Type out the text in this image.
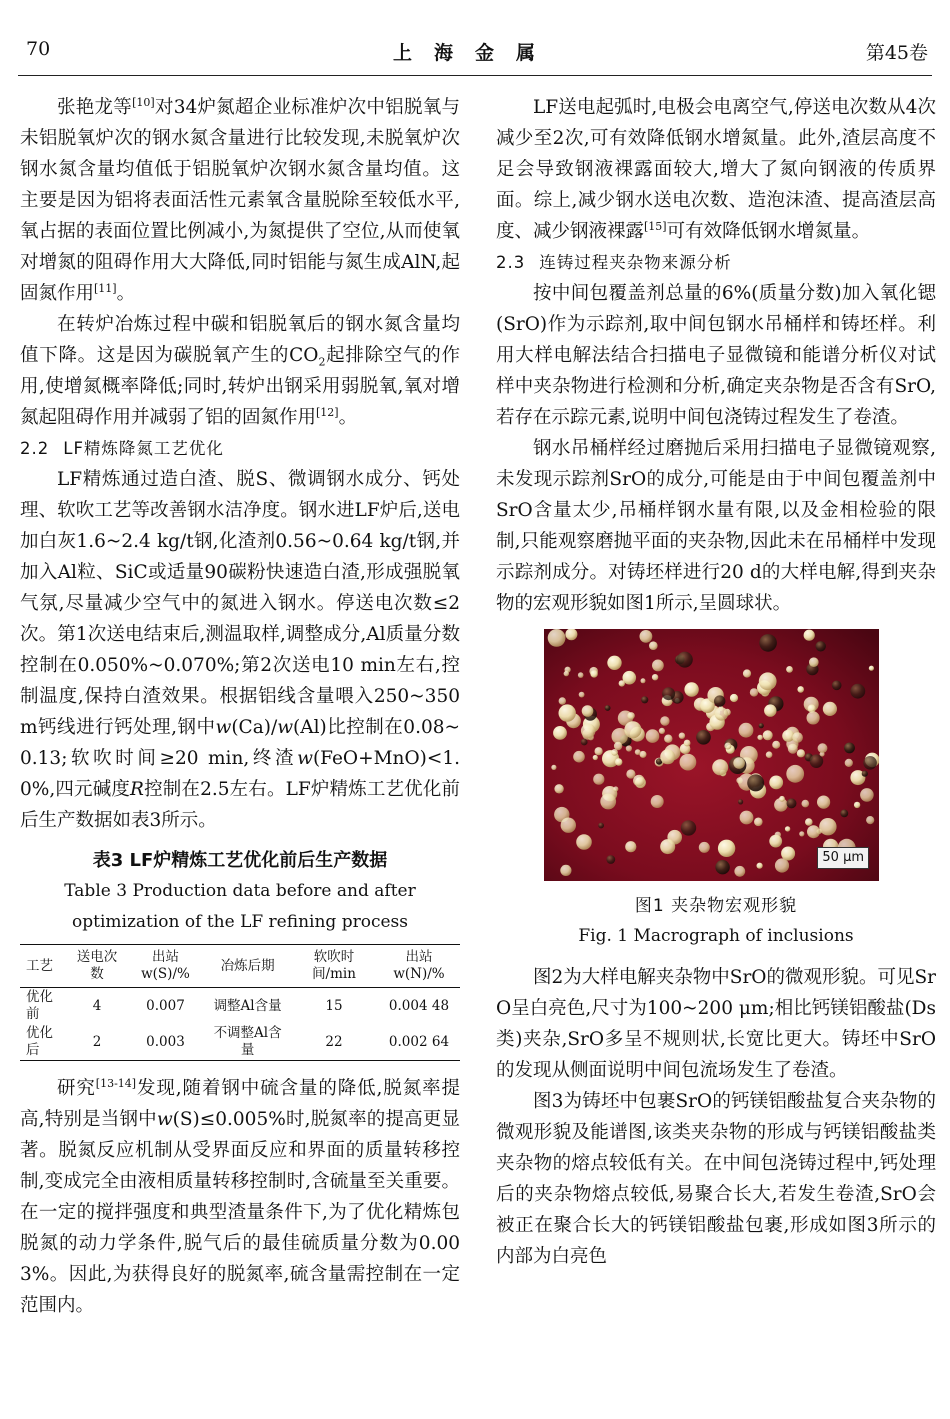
70	上海金属	第45卷

张艳龙等[10]对34炉氮超企业标准炉次中铝脱氧与未铝脱氧炉次的钢水氮含量进行比较发现,未脱氧炉次钢水氮含量均值低于铝脱氧炉次钢水氮含量均值。这主要是因为铝将表面活性元素氧含量脱除至较低水平,氧占据的表面位置比例减小,为氮提供了空位,从而使氧对增氮的阻碍作用大大降低,同时铝能与氮生成AlN,起固氮作用[11]。

在转炉冶炼过程中碳和铝脱氧后的钢水氮含量均值下降。这是因为碳脱氧产生的$CO_2$起排除空气的作用,使增氮概率降低;同时,转炉出钢采用弱脱氧,氧对增氮起阻碍作用并减弱了铝的固氮作用[12]。

2.2 LF精炼降氮工艺优化

LF精炼通过造白渣、脱S、微调钢水成分、钙处理、软吹工艺等改善钢水洁净度。钢水进LF炉后,送电加白灰1.6~2.4 kg/t钢,化渣剂0.56~0.64 kg/t钢,并加入Al粒、SiC或适量90碳粉快速造白渣,形成强脱氧气氛,尽量减少空气中的氮进入钢水。停送电次数≤2次。第1次送电结束后,测温取样,调整成分,Al质量分数控制在0.050%~0.070%;第2次送电10 min左右,控制温度,保持白渣效果。根据铝线含量喂入250~350 m钙线进行钙处理,钢中w(Ca)/w(Al)比控制在0.08~0.13;软吹时间≥20 min,终渣w(FeO+MnO)<1.0%,四元碱度R控制在2.5左右。LF炉精炼工艺优化前后生产数据如表3所示。

表3 LF炉精炼工艺优化前后生产数据
Table 3 Production data before and after
optimization of the LF refining process
工艺	送电次数	出站w(S)/%	冶炼后期	软吹时间/min	出站w(N)/%
优化前	4	0.007	调整Al含量	15	0.004 48
优化后	2	0.003	不调整Al含量	22	0.002 64

研究[13-14]发现,随着钢中硫含量的降低,脱氮率提高,特别是当钢中w(S)≤0.005%时,脱氮率的提高更显著。脱氮反应机制从受界面反应和界面的质量转移控制,变成完全由液相质量转移控制时,含硫量至关重要。在一定的搅拌强度和典型渣量条件下,为了优化精炼包脱氮的动力学条件,脱气后的最佳硫质量分数为0.003%。因此,为获得良好的脱氮率,硫含量需控制在一定范围内。

LF送电起弧时,电极会电离空气,停送电次数从4次减少至2次,可有效降低钢水增氮量。此外,渣层高度不足会导致钢液裸露面较大,增大了氮向钢液的传质界面。综上,减少钢水送电次数、造泡沫渣、提高渣层高度、减少钢液裸露[15]可有效降低钢水增氮量。

2.3 连铸过程夹杂物来源分析

按中间包覆盖剂总量的6%(质量分数)加入氧化锶(SrO)作为示踪剂,取中间包钢水吊桶样和铸坯样。利用大样电解法结合扫描电子显微镜和能谱分析仪对试样中夹杂物进行检测和分析,确定夹杂物是否含有SrO,若存在示踪元素,说明中间包浇铸过程发生了卷渣。

钢水吊桶样经过磨抛后采用扫描电子显微镜观察,未发现示踪剂SrO的成分,可能是由于中间包覆盖剂中SrO含量太少,吊桶样钢水量有限,以及金相检验的限制,只能观察磨抛平面的夹杂物,因此未在吊桶样中发现示踪剂成分。对铸坯样进行20 d的大样电解,得到夹杂物的宏观形貌如图1所示,呈圆球状。

50 μm
图1 夹杂物宏观形貌
Fig. 1 Macrograph of inclusions

图2为大样电解夹杂物中SrO的微观形貌。可见SrO呈白亮色,尺寸为100~200 μm;相比钙镁铝酸盐(Ds类)夹杂,SrO多呈不规则状,长宽比更大。铸坯中SrO的发现从侧面说明中间包流场发生了卷渣。

图3为铸坯中包裹SrO的钙镁铝酸盐复合夹杂物的微观形貌及能谱图,该类夹杂物的形成与钙镁铝酸盐类夹杂物的熔点较低有关。在中间包浇铸过程中,钙处理后的夹杂物熔点较低,易聚合长大,若发生卷渣,SrO会被正在聚合长大的钙镁铝酸盐包裹,形成如图3所示的内部为白亮色
